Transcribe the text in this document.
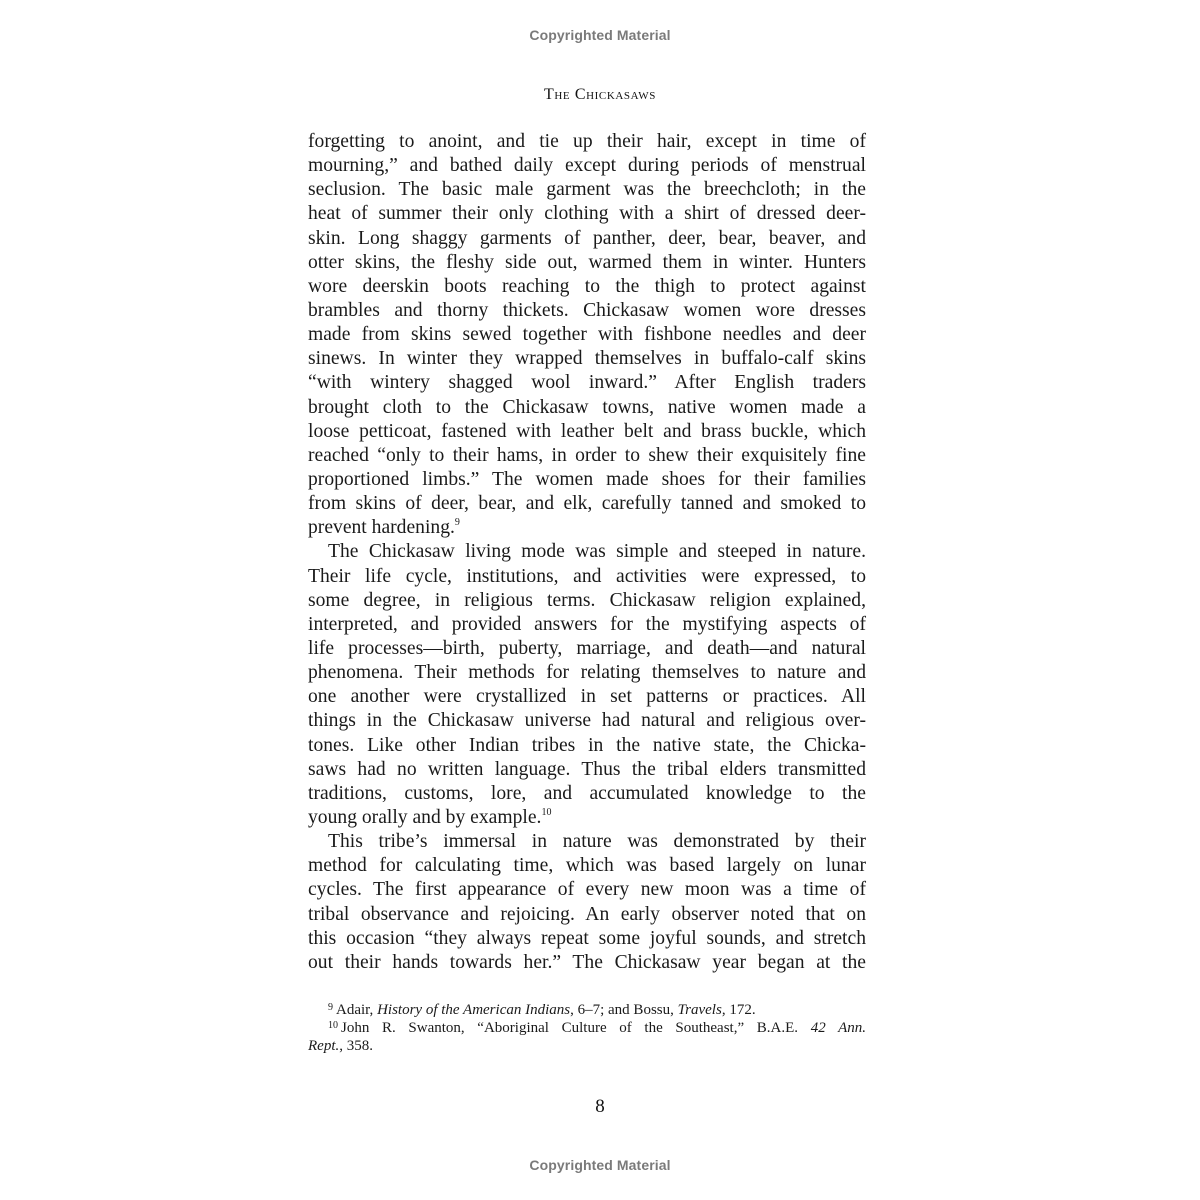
Copyrighted Material
The Chickasaws
forgetting to anoint, and tie up their hair, except in time of
mourning,” and bathed daily except during periods of menstrual
seclusion. The basic male garment was the breechcloth; in the
heat of summer their only clothing with a shirt of dressed deer-
skin. Long shaggy garments of panther, deer, bear, beaver, and
otter skins, the fleshy side out, warmed them in winter. Hunters
wore deerskin boots reaching to the thigh to protect against
brambles and thorny thickets. Chickasaw women wore dresses
made from skins sewed together with fishbone needles and deer
sinews. In winter they wrapped themselves in buffalo-calf skins
“with wintery shagged wool inward.” After English traders
brought cloth to the Chickasaw towns, native women made a
loose petticoat, fastened with leather belt and brass buckle, which
reached “only to their hams, in order to shew their exquisitely fine
proportioned limbs.” The women made shoes for their families
from skins of deer, bear, and elk, carefully tanned and smoked to
prevent hardening.$^9$
The Chickasaw living mode was simple and steeped in nature.
Their life cycle, institutions, and activities were expressed, to
some degree, in religious terms. Chickasaw religion explained,
interpreted, and provided answers for the mystifying aspects of
life processes—birth, puberty, marriage, and death—and natural
phenomena. Their methods for relating themselves to nature and
one another were crystallized in set patterns or practices. All
things in the Chickasaw universe had natural and religious over-
tones. Like other Indian tribes in the native state, the Chicka-
saws had no written language. Thus the tribal elders transmitted
traditions, customs, lore, and accumulated knowledge to the
young orally and by example.$^{10}$
This tribe’s immersal in nature was demonstrated by their
method for calculating time, which was based largely on lunar
cycles. The first appearance of every new moon was a time of
tribal observance and rejoicing. An early observer noted that on
this occasion “they always repeat some joyful sounds, and stretch
out their hands towards her.” The Chickasaw year began at the
$^9$ Adair, History of the American Indians, 6–7; and Bossu, Travels, 172.
$^{10}$ John R. Swanton, “Aboriginal Culture of the Southeast,” B.A.E. 42 Ann.
Rept., 358.
8
Copyrighted Material
